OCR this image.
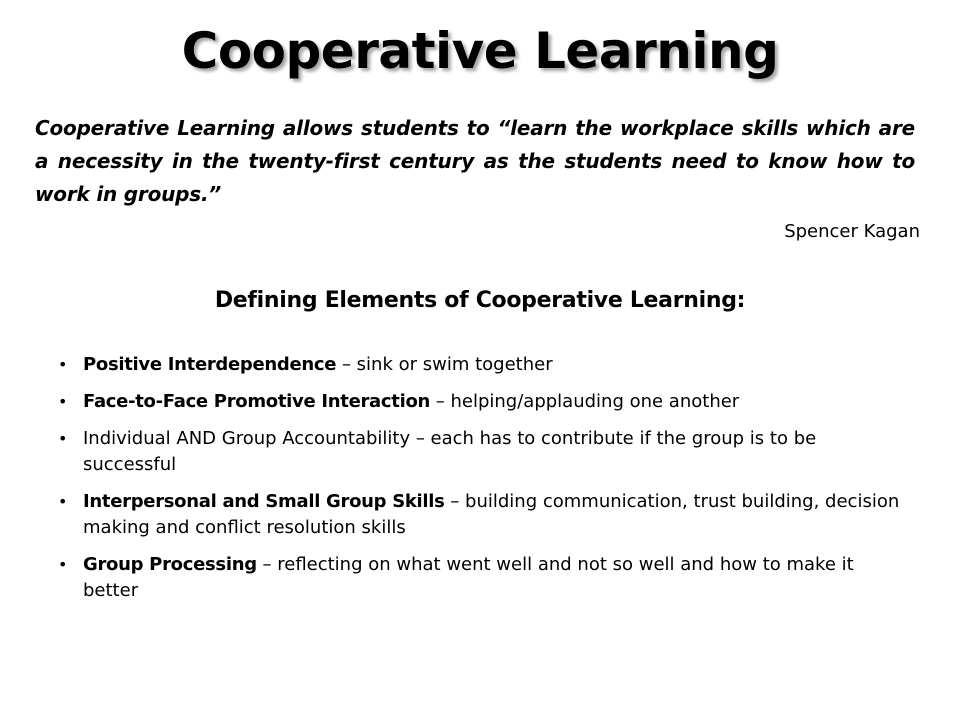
Cooperative Learning
Cooperative Learning allows students to “learn the workplace skills which are a necessity in the twenty-first century as the students need to know how to work in groups.”
Spencer Kagan
Defining Elements of Cooperative Learning:
• Positive Interdependence – sink or swim together
• Face-to-Face Promotive Interaction – helping/applauding one another
• Individual AND Group Accountability – each has to contribute if the group is to be successful
• Interpersonal and Small Group Skills – building communication, trust building, decision making and conflict resolution skills
• Group Processing – reflecting on what went well and not so well and how to make it better
